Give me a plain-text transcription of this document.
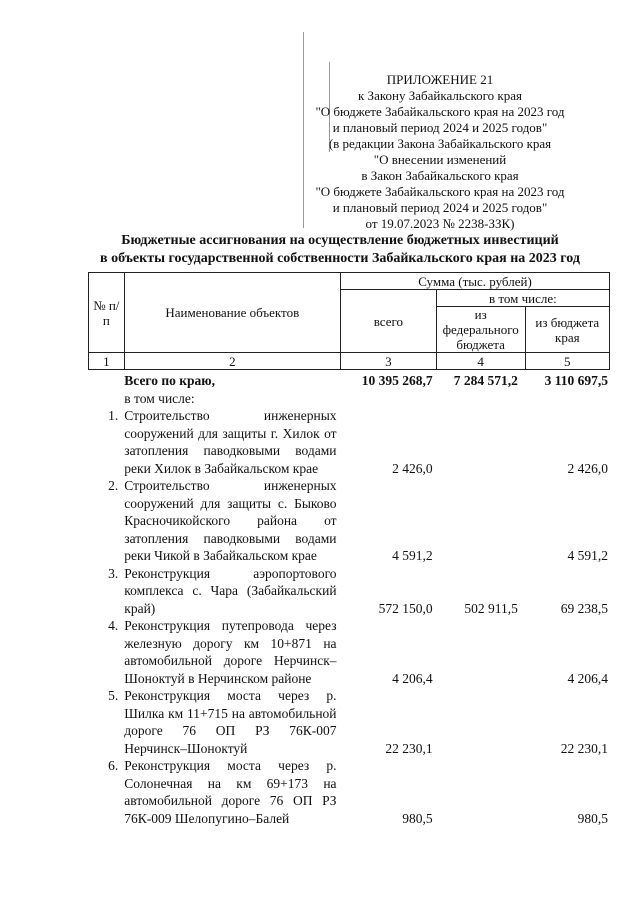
ПРИЛОЖЕНИЕ 21
к Закону Забайкальского края
"О бюджете Забайкальского края на 2023 год
и плановый период 2024 и 2025 годов"
(в редакции Закона Забайкальского края
"О внесении изменений
в Закон Забайкальского края
"О бюджете Забайкальского края на 2023 год
и плановый период 2024 и 2025 годов"
от 19.07.2023 № 2238-ЗЗК)
Бюджетные ассигнования на осуществление бюджетных инвестиций
в объекты государственной собственности Забайкальского края на 2023 год
№ п/п	Наименование объектов	Сумма (тыс. рублей)		
		всего	в том числе:	
			из федерального бюджета	из бюджета края
1	2	3	4	5
	Всего по краю,	10 395 268,7	7 284 571,2	3 110 697,5
	в том числе:			
1.	Строительство инженерных сооружений для защиты г. Хилок от затопления паводковыми водами реки Хилок в Забайкальском крае	2 426,0		2 426,0
2.	Строительство инженерных сооружений для защиты с. Быково Красночикойского района от затопления паводковыми водами реки Чикой в Забайкальском крае	4 591,2		4 591,2
3.	Реконструкция аэропортового комплекса с. Чара (Забайкальский край)	572 150,0	502 911,5	69 238,5
4.	Реконструкция путепровода через железную дорогу км 10+871 на автомобильной дороге Нерчинск–Шоноктуй в Нерчинском районе	4 206,4		4 206,4
5.	Реконструкция моста через р. Шилка км 11+715 на автомобильной дороге 76 ОП РЗ 76К-007 Нерчинск–Шоноктуй	22 230,1		22 230,1
6.	Реконструкция моста через р. Солонечная на км 69+173 на автомобильной дороге 76 ОП РЗ 76К-009 Шелопугино–Балей	980,5		980,5
